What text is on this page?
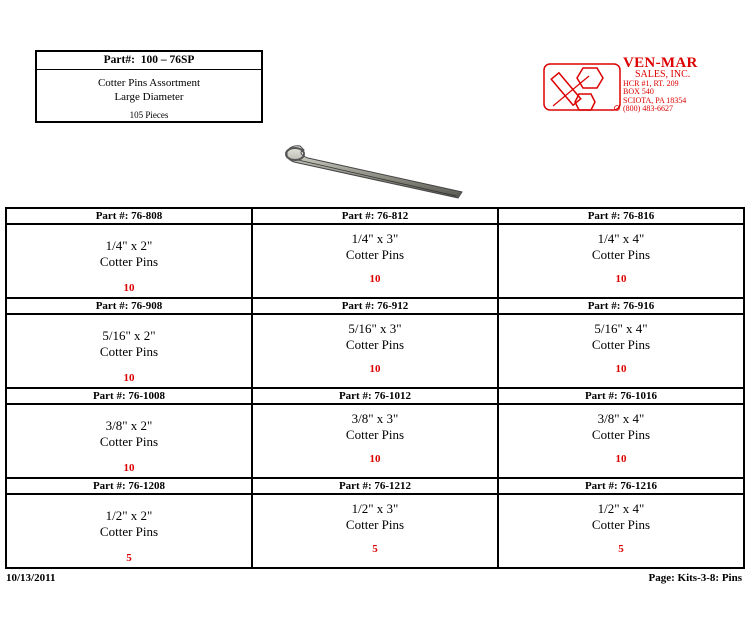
Part#: 100 – 76SP
Cotter Pins Assortment
Large Diameter
105 Pieces
VEN-MAR
SALES, INC.
HCR #1, RT. 209
BOX 540
SCIOTA, PA 18354
(800) 483-6627
Part #: 76-808	Part #: 76-812	Part #: 76-816

1/4" x 2"
Cotter Pins
10	1/4" x 3"
Cotter Pins
10	1/4" x 4"
Cotter Pins
10

Part #: 76-908	Part #: 76-912	Part #: 76-916

5/16" x 2"
Cotter Pins
10	5/16" x 3"
Cotter Pins
10	5/16" x 4"
Cotter Pins
10

Part #: 76-1008	Part #: 76-1012	Part #: 76-1016

3/8" x 2"
Cotter Pins
10	3/8" x 3"
Cotter Pins
10	3/8" x 4"
Cotter Pins
10

Part #: 76-1208	Part #: 76-1212	Part #: 76-1216

1/2" x 2"
Cotter Pins
5	1/2" x 3"
Cotter Pins
5	1/2" x 4"
Cotter Pins
5
10/13/2011	Page: Kits-3-8: Pins
